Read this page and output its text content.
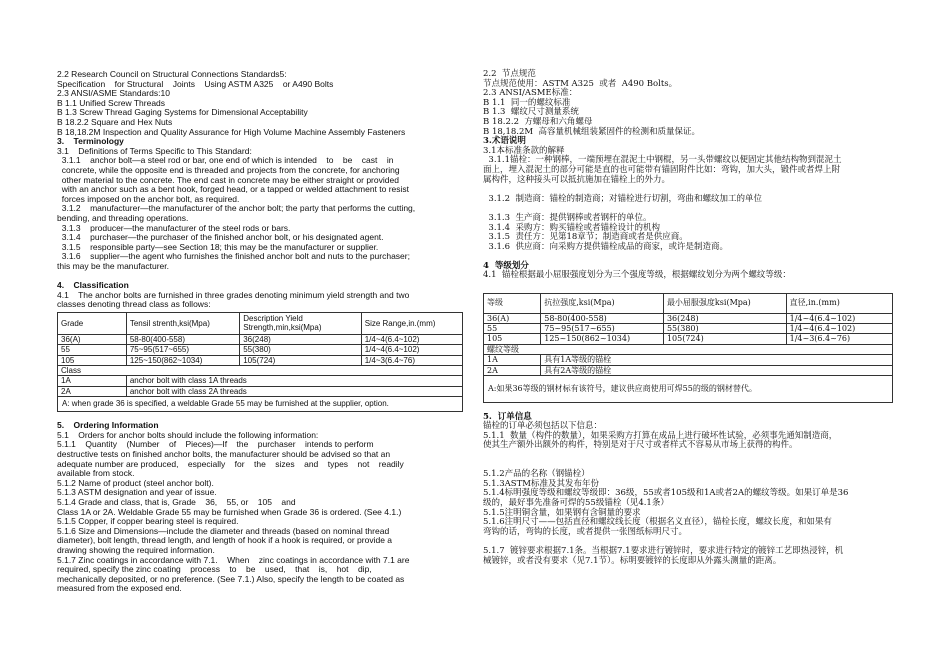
2.2 Research Council on Structural Connections Standards5:

Specification    for Structural    Joints    Using ASTM A325    or A490 Bolts

2.3 ANSI/ASME Standards:10

B 1.1 Unified Screw Threads

B 1.3 Screw Thread Gaging Systems for Dimensional Acceptability

B 18.2.2 Square and Hex Nuts

B 18,18.2M Inspection and Quality Assurance for High Volume Machine Assembly Fasteners

3.    Terminology

3.1    Definitions of Terms Specific to This Standard:

3.1.1    anchor bolt—a steel rod or bar, one end of which is intended    to    be    cast    in

concrete, while the opposite end is threaded and projects from the concrete, for anchoring

other material to the concrete. The end cast in concrete may be either straight or provided

with an anchor such as a bent hook, forged head, or a tapped or welded attachment to resist

forces imposed on the anchor bolt, as required.

3.1.2    manufacturer—the manufacturer of the anchor bolt; the party that performs the cutting,

bending, and threading operations.

3.1.3    producer—the manufacturer of the steel rods or bars.

3.1.4    purchaser—the purchaser of the finished anchor bolt, or his designated agent.

3.1.5    responsible party—see Section 18; this may be the manufacturer or supplier.

3.1.6    supplier—the agent who furnishes the finished anchor bolt and nuts to the purchaser;

this may be the manufacturer.

4.    Classification

4.1    The anchor bolts are furnished in three grades denoting minimum yield strength and two

classes denoting thread class as follows:

Grade	Tensil strenth,ksi(Mpa)	Description Yield Strength,min,ksi(Mpa)	Size Range,in.(mm)
36(A)	58-80(400-558)	36(248)	1/4~4(6.4~102)
55	75~95(517~655)	55(380)	1/4~4(6.4~102)
105	125~150(862~1034)	105(724)	1/4~3(6.4~76)
Class			
1A	anchor bolt with class 1A threads		
2A	anchor bolt with class 2A threads		
A: when grade 36 is specified, a weldable Grade 55 may be furnished at the supplier, option.			

5.    Ordering Information

5.1    Orders for anchor bolts should include the following information:

5.1.1    Quantity    (Number    of    Pieces)—If    the    purchaser    intends to perform

destructive tests on finished anchor bolts, the manufacturer should be advised so that an

adequate number are produced,    especially    for    the    sizes    and    types    not    readily

available from stock.

5.1.2 Name of product (steel anchor bolt).

5.1.3 ASTM designation and year of issue.

5.1.4 Grade and class, that is, Grade    36,    55, or    105    and

Class 1A or 2A. Weldable Grade 55 may be furnished when Grade 36 is ordered. (See 4.1.)

5.1.5 Copper, if copper bearing steel is required.

5.1.6 Size and Dimensions—include the diameter and threads (based on nominal thread

diameter), bolt length, thread length, and length of hook if a hook is required, or provide a

drawing showing the required information.

5.1.7 Zinc coatings in accordance with 7.1.    When    zinc coatings in accordance with 7.1 are

required, specify the zinc coating    process    to    be    used,    that    is,    hot    dip,

mechanically deposited, or no preference. (See 7.1.) Also, specify the length to be coated as

measured from the exposed end.

2.2  节点规范

节点规范使用：ASTM A325  或者  A490 Bolts。

2.3 ANSI/ASME标准：

B 1.1  同一的螺纹标准

B 1.3  螺纹尺寸测量系统

B 18.2.2  方螺母和六角螺母

B 18,18.2M  高容量机械组装紧固件的检测和质量保证。

3.术语说明

3.1本标准条款的解释

3.1.1锚栓：一种钢棒，一端预埋在混泥土中钢棍，另一头带螺纹以便固定其他结构物到混泥土

面上，埋入混泥土的部分可能是直的也可能带有锚固附件比如：弯钩，加大头，锻件或者焊上附

属构件，这种接头可以抵抗施加在锚栓上的外力。

3.1.2  制造商：锚栓的制造商；对锚栓进行切割，弯曲和螺纹加工的单位

3.1.3  生产商：提供钢棒或者钢杆的单位。

3.1.4  采购方：购买锚栓或者锚栓设计的机构

3.1.5  责任方：见第18章节；制造商或者是供应商。

3.1.6  供应商：向采购方提供锚栓成品的商家，或许是制造商。

4  等级划分

4.1  锚栓根据最小屈服强度划分为三个强度等级，根据螺纹划分为两个螺纹等级：

等级	抗拉强度,ksi(Mpa)	最小屈服强度ksi(Mpa)	直径,in.(mm)
36(A)	58-80(400-558)	36(248)	1/4~4(6.4~102)
55	75~95(517~655)	55(380)	1/4~4(6.4~102)
105	125~150(862~1034)	105(724)	1/4~3(6.4~76)
螺纹等级			
1A	具有1A等级的锚栓		
2A	具有2A等级的锚栓		
A:如果36等级的钢材标有该符号，建议供应商使用可焊55的级的钢材替代。			

5.  订单信息

锚栓的订单必须包括以下信息：

5.1.1  数量（构件的数量），如果采购方打算在成品上进行破坏性试验，必须事先通知制造商，

使其生产额外出额外的构件，特别是对于尺寸或者样式不容易从市场上获得的构件。

5.1.2产品的名称（钢锚栓）

5.1.3ASTM标准及其发布年份

5.1.4标明强度等级和螺纹等级即：36级，55或者105级和1A或者2A的螺纹等级。如果订单是36

级的，最好事先准备可焊的55级锚栓（见4.1条）

5.1.5注明铜含量，如果钢有含铜量的要求

5.1.6注明尺寸——包括直径和螺纹线长度（根据名义直径），锚栓长度，螺纹长度，和如果有

弯钩的话，弯钩的长度，或者提供一张图纸标明尺寸。

5.1.7  镀锌要求根据7.1条。当根据7.1要求进行镀锌时，要求进行特定的镀锌工艺即热浸锌，机

械镀锌，或者没有要求（见7.1节）。标明要镀锌的长度即从外露头测量的距离。
